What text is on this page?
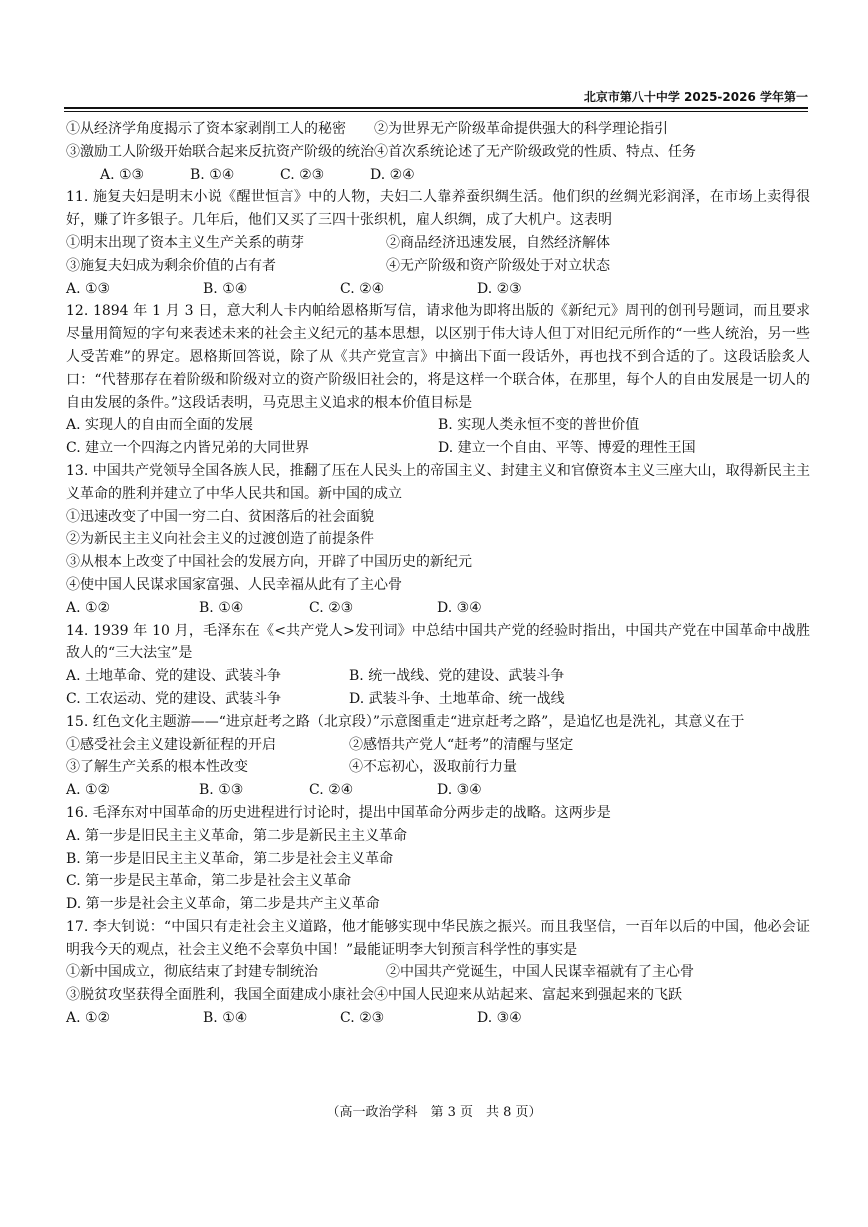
北京市第八十中学 2025-2026 学年第一
①从经济学角度揭示了资本家剥削工人的秘密   ②为世界无产阶级革命提供强大的科学理论指引
③激励工人阶级开始联合起来反抗资产阶级的统治④首次系统论述了无产阶级政党的性质、特点、任务
A. ①③	B. ①④	C. ②③	D. ②④
11. 施复夫妇是明末小说《醒世恒言》中的人物，夫妇二人靠养蚕织绸生活。他们织的丝绸光彩润泽，在市场上卖得很好，赚了许多银子。几年后，他们又买了三四十张织机，雇人织绸，成了大机户。这表明
①明末出现了资本主义生产关系的萌芽	②商品经济迅速发展，自然经济解体
③施复夫妇成为剩余价值的占有者	④无产阶级和资产阶级处于对立状态
A. ①③	B. ①④	C. ②④	D. ②③
12. 1894 年 1 月 3 日，意大利人卡内帕给恩格斯写信，请求他为即将出版的《新纪元》周刊的创刊号题词，而且要求尽量用简短的字句来表述未来的社会主义纪元的基本思想，以区别于伟大诗人但丁对旧纪元所作的“一些人统治，另一些人受苦难”的界定。恩格斯回答说，除了从《共产党宣言》中摘出下面一段话外，再也找不到合适的了。这段话脍炙人口：“代替那存在着阶级和阶级对立的资产阶级旧社会的，将是这样一个联合体，在那里，每个人的自由发展是一切人的自由发展的条件。”这段话表明，马克思主义追求的根本价值目标是
A. 实现人的自由而全面的发展	B. 实现人类永恒不变的普世价值
C. 建立一个四海之内皆兄弟的大同世界	D. 建立一个自由、平等、博爱的理性王国
13. 中国共产党领导全国各族人民，推翻了压在人民头上的帝国主义、封建主义和官僚资本主义三座大山，取得新民主主义革命的胜利并建立了中华人民共和国。新中国的成立
①迅速改变了中国一穷二白、贫困落后的社会面貌
②为新民主主义向社会主义的过渡创造了前提条件
③从根本上改变了中国社会的发展方向，开辟了中国历史的新纪元
④使中国人民谋求国家富强、人民幸福从此有了主心骨
A. ①②	B. ①④	C. ②③	D. ③④
14. 1939 年 10 月，毛泽东在《<共产党人>发刊词》中总结中国共产党的经验时指出，中国共产党在中国革命中战胜敌人的“三大法宝”是
A. 土地革命、党的建设、武装斗争	B. 统一战线、党的建设、武装斗争
C. 工农运动、党的建设、武装斗争	D. 武装斗争、土地革命、统一战线
15. 红色文化主题游——“进京赶考之路（北京段）”示意图重走“进京赶考之路”，是追忆也是洗礼，其意义在于
①感受社会主义建设新征程的开启	②感悟共产党人“赶考”的清醒与坚定
③了解生产关系的根本性改变	④不忘初心，汲取前行力量
A. ①②	B. ①③	C. ②④	D. ③④
16. 毛泽东对中国革命的历史进程进行讨论时，提出中国革命分两步走的战略。这两步是
A. 第一步是旧民主主义革命，第二步是新民主主义革命
B. 第一步是旧民主主义革命，第二步是社会主义革命
C. 第一步是民主革命，第二步是社会主义革命
D. 第一步是社会主义革命，第二步是共产主义革命
17. 李大钊说：“中国只有走社会主义道路，他才能够实现中华民族之振兴。而且我坚信，一百年以后的中国，他必会证明我今天的观点，社会主义绝不会辜负中国！”最能证明李大钊预言科学性的事实是
①新中国成立，彻底结束了封建专制统治	②中国共产党诞生，中国人民谋幸福就有了主心骨
③脱贫攻坚获得全面胜利，我国全面建成小康社会④中国人民迎来从站起来、富起来到强起来的飞跃
A. ①②	B. ①④	C. ②③	D. ③④
（高一政治学科　第 3 页　共 8 页）
